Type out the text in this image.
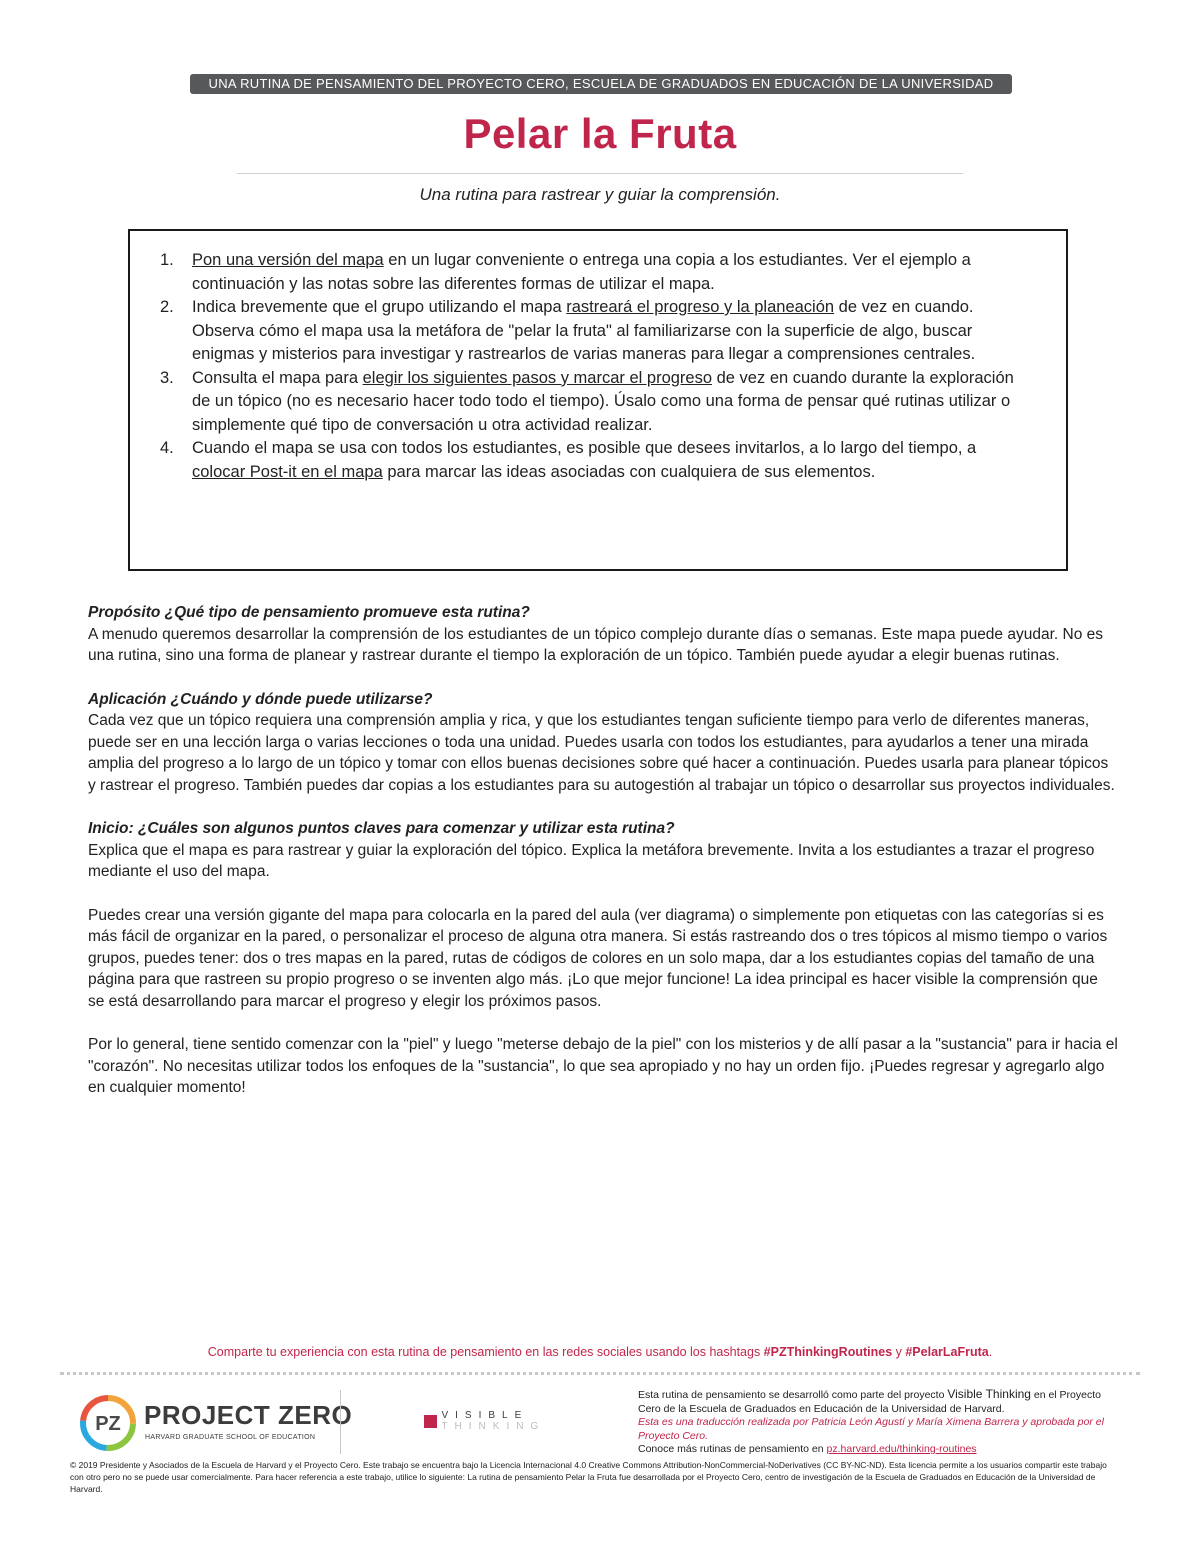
UNA RUTINA DE PENSAMIENTO DEL PROYECTO CERO, ESCUELA DE GRADUADOS EN EDUCACIÓN DE LA UNIVERSIDAD HARVARD.
Pelar la Fruta
Una rutina para rastrear y guiar la comprensión.
1. Pon una versión del mapa en un lugar conveniente o entrega una copia a los estudiantes. Ver el ejemplo a continuación y las notas sobre las diferentes formas de utilizar el mapa.
2. Indica brevemente que el grupo utilizando el mapa rastreará el progreso y la planeación de vez en cuando. Observa cómo el mapa usa la metáfora de "pelar la fruta" al familiarizarse con la superficie de algo, buscar enigmas y misterios para investigar y rastrearlos de varias maneras para llegar a comprensiones centrales.
3. Consulta el mapa para elegir los siguientes pasos y marcar el progreso de vez en cuando durante la exploración de un tópico (no es necesario hacer todo todo el tiempo). Úsalo como una forma de pensar qué rutinas utilizar o simplemente qué tipo de conversación u otra actividad realizar.
4. Cuando el mapa se usa con todos los estudiantes, es posible que desees invitarlos, a lo largo del tiempo, a colocar Post-it en el mapa para marcar las ideas asociadas con cualquiera de sus elementos.

Propósito ¿Qué tipo de pensamiento promueve esta rutina?

A menudo queremos desarrollar la comprensión de los estudiantes de un tópico complejo durante días o semanas. Este mapa puede ayudar. No es una rutina, sino una forma de planear y rastrear durante el tiempo la exploración de un tópico. También puede ayudar a elegir buenas rutinas.

Aplicación ¿Cuándo y dónde puede utilizarse?

Cada vez que un tópico requiera una comprensión amplia y rica, y que los estudiantes tengan suficiente tiempo para verlo de diferentes maneras, puede ser en una lección larga o varias lecciones o toda una unidad. Puedes usarla con todos los estudiantes, para ayudarlos a tener una mirada amplia del progreso a lo largo de un tópico y tomar con ellos buenas decisiones sobre qué hacer a continuación. Puedes usarla para planear tópicos y rastrear el progreso. También puedes dar copias a los estudiantes para su autogestión al trabajar un tópico o desarrollar sus proyectos individuales.

Inicio: ¿Cuáles son algunos puntos claves para comenzar y utilizar esta rutina?

Explica que el mapa es para rastrear y guiar la exploración del tópico. Explica la metáfora brevemente. Invita a los estudiantes a trazar el progreso mediante el uso del mapa.

Puedes crear una versión gigante del mapa para colocarla en la pared del aula (ver diagrama) o simplemente pon etiquetas con las categorías si es más fácil de organizar en la pared, o personalizar el proceso de alguna otra manera. Si estás rastreando dos o tres tópicos al mismo tiempo o varios grupos, puedes tener: dos o tres mapas en la pared, rutas de códigos de colores en un solo mapa, dar a los estudiantes copias del tamaño de una página para que rastreen su propio progreso o se inventen algo más. ¡Lo que mejor funcione! La idea principal es hacer visible la comprensión que se está desarrollando para marcar el progreso y elegir los próximos pasos.

Por lo general, tiene sentido comenzar con la "piel" y luego "meterse debajo de la piel" con los misterios y de allí pasar a la "sustancia" para ir hacia el "corazón". No necesitas utilizar todos los enfoques de la "sustancia", lo que sea apropiado y no hay un orden fijo. ¡Puedes regresar y agregarlo algo en cualquier momento!

Comparte tu experiencia con esta rutina de pensamiento en las redes sociales usando los hashtags #PZThinkingRoutines y #PelarLaFruta.
PZ PROJECT ZERO
HARVARD GRADUATE SCHOOL OF EDUCATION
VISIBLE
THINKING
Esta rutina de pensamiento se desarrolló como parte del proyecto Visible Thinking en el Proyecto Cero de la Escuela de Graduados en Educación de la Universidad de Harvard.
Esta es una traducción realizada por Patricia León Agustí y María Ximena Barrera y aprobada por el Proyecto Cero.
Conoce más rutinas de pensamiento en pz.harvard.edu/thinking-routines
© 2019 Presidente y Asociados de la Escuela de Harvard y el Proyecto Cero. Este trabajo se encuentra bajo la Licencia Internacional 4.0 Creative Commons Attribution-NonCommercial-NoDerivatives (CC BY-NC-ND). Esta licencia permite a los usuarios compartir este trabajo con otro pero no se puede usar comercialmente. Para hacer referencia a este trabajo, utilice lo siguiente: La rutina de pensamiento Pelar la Fruta fue desarrollada por el Proyecto Cero, centro de investigación de la Escuela de Graduados en Educación de la Universidad de Harvard.
